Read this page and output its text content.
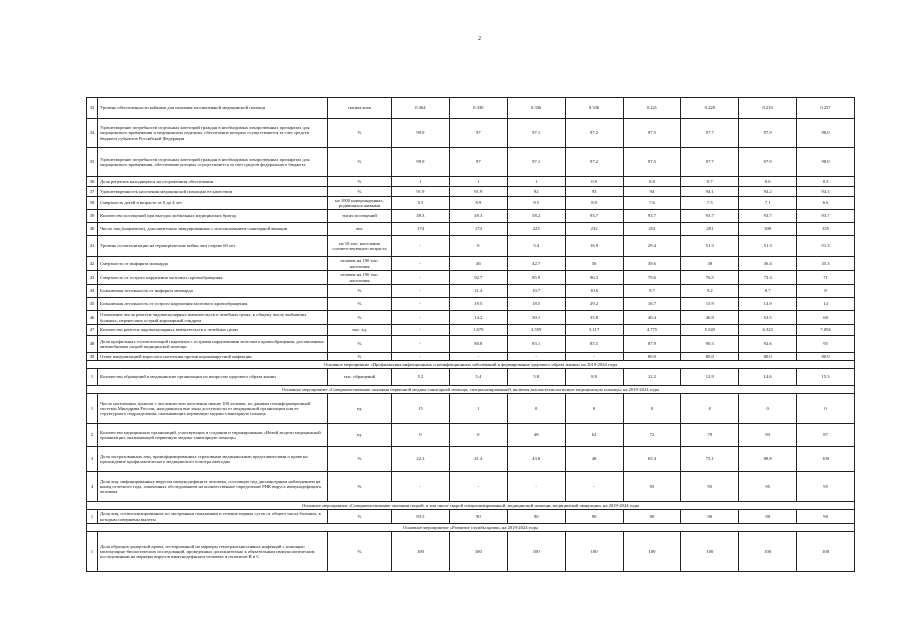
2
33	Уровень обеспеченности койками для оказания паллиативной медицинской помощи	тысяча коек	0.364	0.330	0.336	0.336	0.221	0.228	0.233	0.237
34	Удовлетворение потребности отдельных категорий граждан в необходимых лекарственных препаратах для медицинского применения и медицинских изделиях, обеспечение которых осуществляется за счет средств бюджета субъектов Российской Федерации	%	99.9	97	97.1	97.2	97.5	97.7	97.9	98.0
35	Удовлетворение потребности отдельных категорий граждан в необходимых лекарственных препаратах для медицинского применения, обеспечение которых осуществляется за счет средств федерального бюджета	%	99.9	97	97.1	97.2	97.5	97.7	97.9	98.0
36	Доля рецептов находящихся на отсроченном обеспечении	%	1	1	1	0.9	0.8	0.7	0.6	0.5
37	Удовлетворенность населения медицинской помощью ее качеством	%	91.9	91.9	92	93	94	94.1	94.2	94.3
38	Смертность детей в возрасте от 0 до 4 лет	на 1000 новорожденных, родившихся живыми	9.5	8.9	8.5	8.0	7.6	7.5	7.1	6.6
39	Количество посещений при выездах мобильных медицинских бригад	тысяч посещений	49.3	49.3	58.2	93.7	93.7	93.7	93.7	93.7
40	Число лиц (пациентов), дополнительно эвакуированных с использованием санитарной авиации	чел.	174	174	223	232	252	281	308	335
41	Уровень госпитализации на гериатрические койки лиц старше 60 лет	на 10 тыс. населения соответствующего возраста	-	0	5.4	16.9	29.4	51.3	51.3	51.3
42	Смертность от инфаркта миокарда	человек на 100 тыс. населения	-	46	42.7	56	39.6	38	36.4	35.3
43	Смертность от острого нарушения мозгового кровообращения	человек на 100 тыс. населения	-	92.7	85.9	96.3	79.6	76.5	73.3	71
44	Больничная летальность от инфаркта миокарда	%	-	11.4	10.7	10.6	9.7	9.2	8.7	8
45	Больничная летальность от острого нарушения мозгового кровообращения	%	-	19.5	18.5	29.2	16.7	15.9	14.9	14
46	Отношение числа рентген-эндоваскулярных вмешательств в лечебных целях, к общему числу выбывших больных, перенесших острый коронарный синдром	%	-	14.2	30.1	35.8	40.4	46.9	53.5	60
47	Количество рентген-эндоваскулярных вмешательств в лечебных целях	тыс. ед.	-	1.679	3.559	5.117	4.775	5.549	6.323	7.094
48	Доля профильных госпитализаций пациентов с острыми нарушениями мозгового кровообращения, доставленных автомобилями скорой медицинской помощи	%	-	80.8	83.1	85.5	87.9	90.3	92.6	95
49	Охват иммунизацией взрослого населения против коронавирусной инфекции	%	-	-	-	-	80.0	80.0	80.0	80.0
Основное мероприятие «Профилактика инфекционных и неинфекционных заболеваний и формирование здорового образа жизни» на 2019-2024 годы										
1	Количество обращений в медицинские организации по вопросам здорового образа жизни	тыс. обращений	5.2	5.4	5.8	8.8	12.2	12.9	14.6	15.3
Основное мероприятие «Совершенствование оказания первичной медико-санитарной помощи, специализированной, включая высокотехнологичную медицинскую помощь» на 2019-2024 годы										
1	Число населенных пунктов с численностью населения свыше 100 человек, по данным геоинформационной системы Минздрава России, находящихся вне зоны доступности от медицинской организации или ее структурного подразделения, оказывающих первичную медико-санитарную помощь	ед.	15	1	0	0	0	0	0	0
2	Количество медицинских организаций, участвующих в создании и тиражировании «Новой модели медицинской организации, оказывающей первичную медико-санитарную помощь»	ед.	0	0	48	62	72	79	83	87
3	Доля застрахованных лиц, проинформированных страховыми медицинскими представителями о праве на прохождение профилактического медицинского осмотра ежегодно	%	22.3	41.4	43.8	48	65.4	75.1	88.8	100
4	Доля лиц, инфицированных вирусом иммунодефицита человека, состоящих под диспансерным наблюдением на конец отчетного года, охваченных обследованием на количественное определение РНК вируса иммунодефицита человека	%	-	-	-	-	95	95	95	95
Основное мероприятие «Совершенствование оказания скорой, в том числе скорой специализированной, медицинской помощи, медицинской эвакуации» на 2019-2024 годы										
1	Доля лиц, госпитализированных по экстренным показаниям в течение первых суток от общего числа больных, к которым совершены вылеты	%	83.5	90	90	90	90	90	90	90
Основное мероприятие «Развитие службы крови» на 2019-2024 годы										
1	Доля образцов донорской крови, тестированной на маркеры гемотрансмиссивных инфекций с помощью молекулярно-биологических исследований, проведенных дополнительно к обязательным иммунологическим исследованиям на маркеры вирусов иммунодефицита человека и гепатитов В и С	%	100	100	100	100	100	100	100	100
